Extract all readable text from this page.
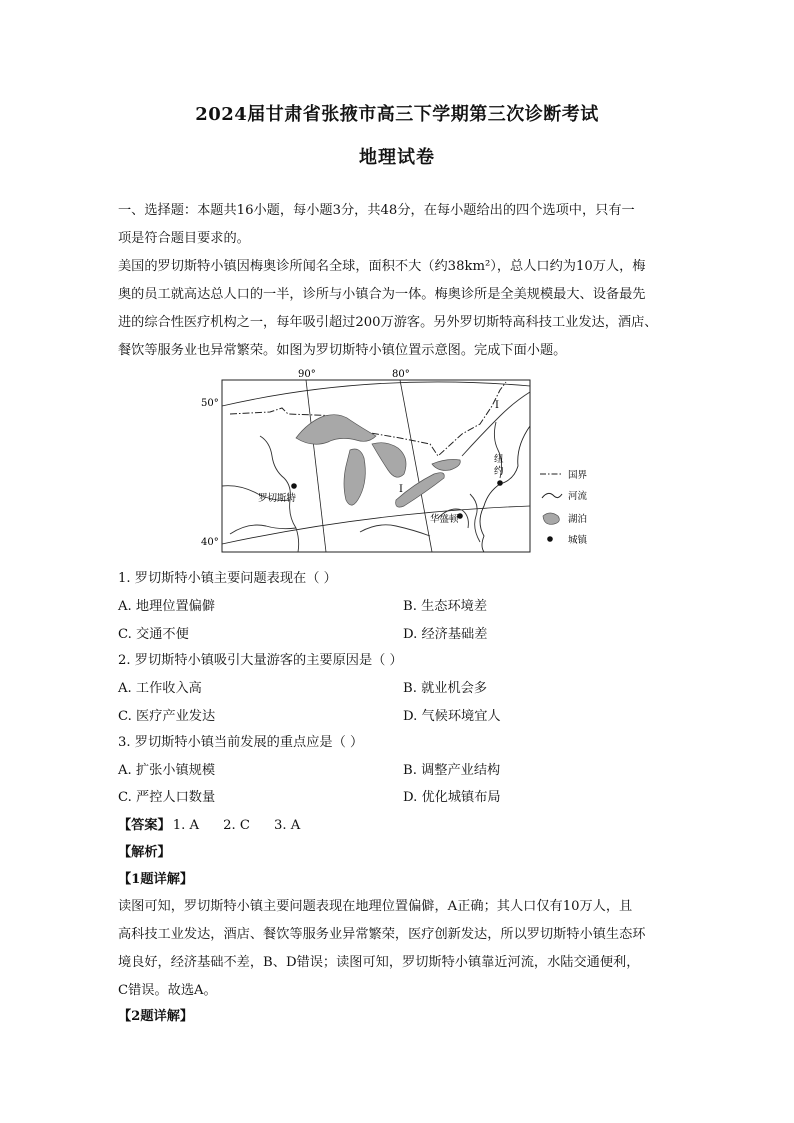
2024届甘肃省张掖市高三下学期第三次诊断考试
地理试卷
一、选择题：本题共16小题，每小题3分，共48分，在每小题给出的四个选项中，只有一
项是符合题目要求的。
美国的罗切斯特小镇因梅奥诊所闻名全球，面积不大（约38km²），总人口约为10万人，梅
奥的员工就高达总人口的一半，诊所与小镇合为一体。梅奥诊所是全美规模最大、设备最先
进的综合性医疗机构之一，每年吸引超过200万游客。另外罗切斯特高科技工业发达，酒店、
餐饮等服务业也异常繁荣。如图为罗切斯特小镇位置示意图。完成下面小题。
90°	80°
50°
40°
I
I
罗切斯特
纽
约
华盛顿
国界
河流
湖泊
城镇
1. 罗切斯特小镇主要问题表现在（ ）
A. 地理位置偏僻	B. 生态环境差
C. 交通不便	D. 经济基础差
2. 罗切斯特小镇吸引大量游客的主要原因是（ ）
A. 工作收入高	B. 就业机会多
C. 医疗产业发达	D. 气候环境宜人
3. 罗切斯特小镇当前发展的重点应是（ ）
A. 扩张小镇规模	B. 调整产业结构
C. 严控人口数量	D. 优化城镇布局
【答案】 1. A 2. C 3. A
【解析】
【1题详解】
读图可知，罗切斯特小镇主要问题表现在地理位置偏僻，A正确；其人口仅有10万人，且
高科技工业发达，酒店、餐饮等服务业异常繁荣，医疗创新发达，所以罗切斯特小镇生态环
境良好，经济基础不差，B、D错误；读图可知，罗切斯特小镇靠近河流，水陆交通便利，
C错误。故选A。
【2题详解】
